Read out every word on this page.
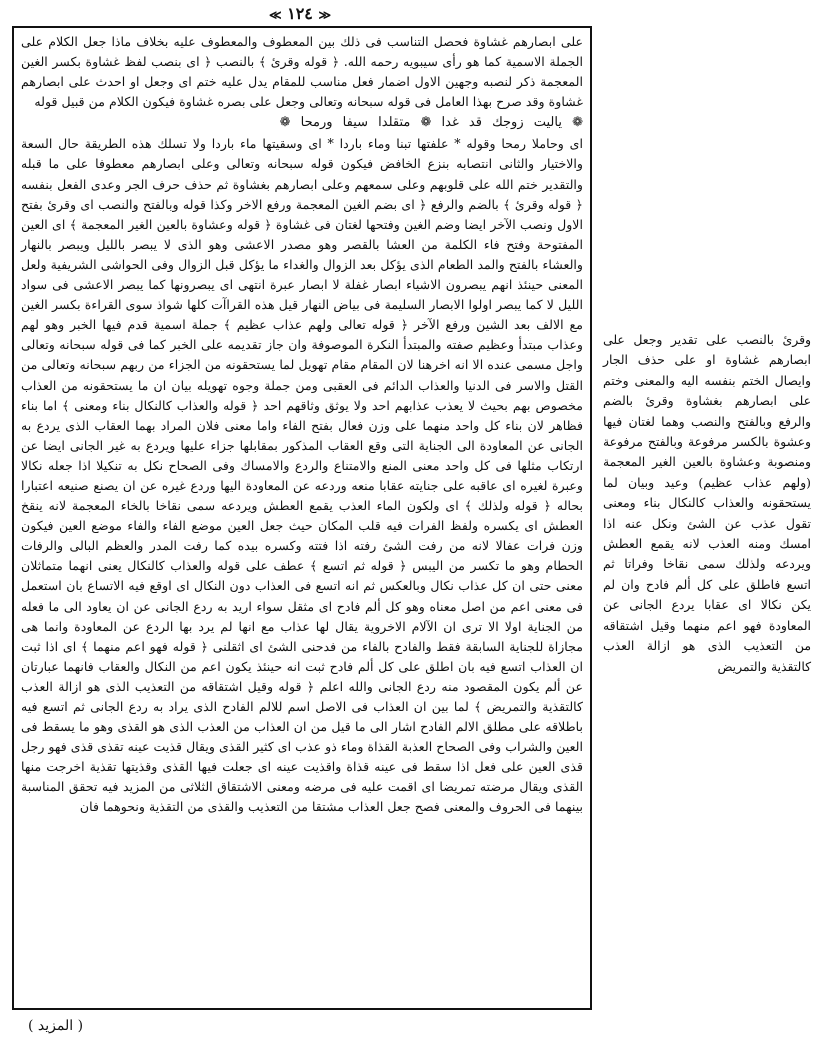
≪ ١٢٤ ≫

على ابصارهم غشاوة فحصل التناسب فى ذلك بين المعطوف والمعطوف عليه بخلاف ماذا جعل الكلام على الجملة الاسمية كما هو رأى سيبويه رحمه الله. ﴿ قوله وقرئ ﴾ بالنصب ﴿ اى بنصب لفظ غشاوة بكسر الغين المعجمة ذكر لنصبه وجهين الاول اضمار فعل مناسب للمقام يدل عليه ختم اى وجعل او احدث على ابصارهم غشاوة وقد صرح بهذا العامل فى قوله سبحانه وتعالى وجعل على بصره غشاوة فيكون الكلام من قبيل قوله

❁ ياليت زوجك قد غدا ❁ متقلدا سيفا ورمحا ❁

اى وحاملا رمحا وقوله * علفتها تبنا وماء باردا * اى وسقيتها ماء باردا ولا تسلك هذه الطريقة حال السعة والاختيار والثانى انتصابه بنزع الخافض فيكون قوله سبحانه وتعالى وعلى ابصارهم معطوفا على ما قبله والتقدير ختم الله على قلوبهم وعلى سمعهم وعلى ابصارهم بغشاوة ثم حذف حرف الجر وعدى الفعل بنفسه ﴿ قوله وقرئ ﴾ بالضم والرفع ﴿ اى بضم الغين المعجمة ورفع الاخر وكذا قوله وبالفتح والنصب اى وقرئ بفتح الاول ونصب الآخر ايضا وضم الغين وفتحها لغتان فى غشاوة ﴿ قوله وعشاوة بالعين الغير المعجمة ﴾ اى العين المفتوحة وفتح فاء الكلمة من العشا بالقصر وهو مصدر الاعشى وهو الذى لا يبصر بالليل ويبصر بالنهار والعشاء بالفتح والمد الطعام الذى يؤكل بعد الزوال والغداء ما يؤكل قبل الزوال وفى الحواشى الشريفية ولعل المعنى حينئذ انهم يبصرون الاشياء ابصار غفلة لا ابصار عبرة انتهى اى يبصرونها كما يبصر الاعشى فى سواد الليل لا كما يبصر اولوا الابصار السليمة فى بياض النهار قيل هذه القراآت كلها شواذ سوى القراءة بكسر الغين مع الالف بعد الشين ورفع الآخر ﴿ قوله تعالى ولهم عذاب عظيم ﴾ جملة اسمية قدم فيها الخبر وهو لهم وعذاب مبتدأ وعظيم صفته والمبتدأ النكرة الموصوفة وان جاز تقديمه على الخبر كما فى قوله سبحانه وتعالى واجل مسمى عنده الا انه اخرهنا لان المقام مقام تهويل لما يستحقونه من الجزاء من ربهم سبحانه وتعالى من القتل والاسر فى الدنيا والعذاب الدائم فى العقبى ومن جملة وجوه تهويله بيان ان ما يستحقونه من العذاب مخصوص بهم بحيث لا يعذب عذابهم احد ولا يوثق وثاقهم احد ﴿ قوله والعذاب كالنكال بناء ومعنى ﴾ اما بناء فظاهر لان بناء كل واحد منهما على وزن فعال بفتح الفاء واما معنى فلان المراد بهما العقاب الذى يردع به الجانى عن المعاودة الى الجناية التى وقع العقاب المذكور بمقابلها جزاء عليها ويردع به غير الجانى ايضا عن ارتكاب مثلها فى كل واحد معنى المنع والامتناع والردع والامساك وفى الصحاح نكل به تنكيلا اذا جعله نكالا وعبرة لغيره اى عاقبه على جنايته عقابا منعه وردعه عن المعاودة اليها وردع غيره عن ان يصنع صنيعه اعتبارا بحاله ﴿ قوله ولذلك ﴾ اى ولكون الماء العذب يقمع العطش ويردعه سمى نقاخا بالخاء المعجمة لانه ينقخ العطش اى يكسره ولفظ الفرات فيه قلب المكان حيث جعل العين موضع الفاء والفاء موضع العين فيكون وزن فرات عفالا لانه من رفت الشئ رفته اذا فتته وكسره بيده كما رفت المدر والعظم البالى والرفات الحطام وهو ما تكسر من اليبس ﴿ قوله ثم اتسع ﴾ عطف على قوله والعذاب كالنكال يعنى انهما متماثلان معنى حتى ان كل عذاب نكال وبالعكس ثم انه اتسع فى العذاب دون النكال اى اوقع فيه الاتساع بان استعمل فى معنى اعم من اصل معناه وهو كل ألم فادح اى مثقل سواء اريد به ردع الجانى عن ان يعاود الى ما فعله من الجناية اولا الا ترى ان الآلام الاخروية يقال لها عذاب مع انها لم يرد بها الردع عن المعاودة وانما هى مجازاة للجناية السابقة فقط والفادح بالفاء من فدحنى الشئ اى اثقلنى ﴿ قوله فهو اعم منهما ﴾ اى اذا ثبت ان العذاب اتسع فيه بان اطلق على كل ألم فادح ثبت انه حينئذ يكون اعم من النكال والعقاب فانهما عبارتان عن ألم يكون المقصود منه ردع الجانى والله اعلم ﴿ قوله وقيل اشتقاقه من التعذيب الذى هو ازالة العذب كالتقذية والتمريض ﴾ لما بين ان العذاب فى الاصل اسم للالم الفادح الذى يراد به ردع الجانى ثم اتسع فيه باطلاقه على مطلق الالم الفادح اشار الى ما قيل من ان العذاب من العذب الذى هو القذى وهو ما يسقط فى العين والشراب وفى الصحاح العذبة القذاة وماء ذو عذب اى كثير القذى ويقال قذيت عينه تقذى قذى فهو رجل قذى العين على فعل اذا سقط فى عينه قذاة واقذيت عينه اى جعلت فيها القذى وقذيتها تقذية اخرجت منها القذى ويقال مرضته تمريضا اى اقمت عليه فى مرضه ومعنى الاشتقاق الثلاثى من المزيد فيه تحقق المناسبة بينهما فى الحروف والمعنى فصح جعل العذاب مشتقا من التعذيب والقذى من التقذية ونحوهما فان

وقرئ بالنصب على تقدير وجعل على ابصارهم غشاوة او على حذف الجار وايصال الختم بنفسه اليه والمعنى وختم على ابصارهم بغشاوة وقرئ بالضم والرفع وبالفتح والنصب وهما لغتان فيها وعشوة بالكسر مرفوعة وبالفتح مرفوعة ومنصوبة وعشاوة بالعين الغير المعجمة (ولهم عذاب عظيم) وعيد وبيان لما يستحقونه والعذاب كالنكال بناء ومعنى تقول عذب عن الشئ ونكل عنه اذا امسك ومنه العذب لانه يقمع العطش ويردعه ولذلك سمى نقاخا وفراتا ثم اتسع فاطلق على كل ألم فادح وان لم يكن نكالا اى عقابا يردع الجانى عن المعاودة فهو اعم منهما وقيل اشتقاقه من التعذيب الذى هو ازالة العذب كالتقذية والتمريض
( المزيد )
